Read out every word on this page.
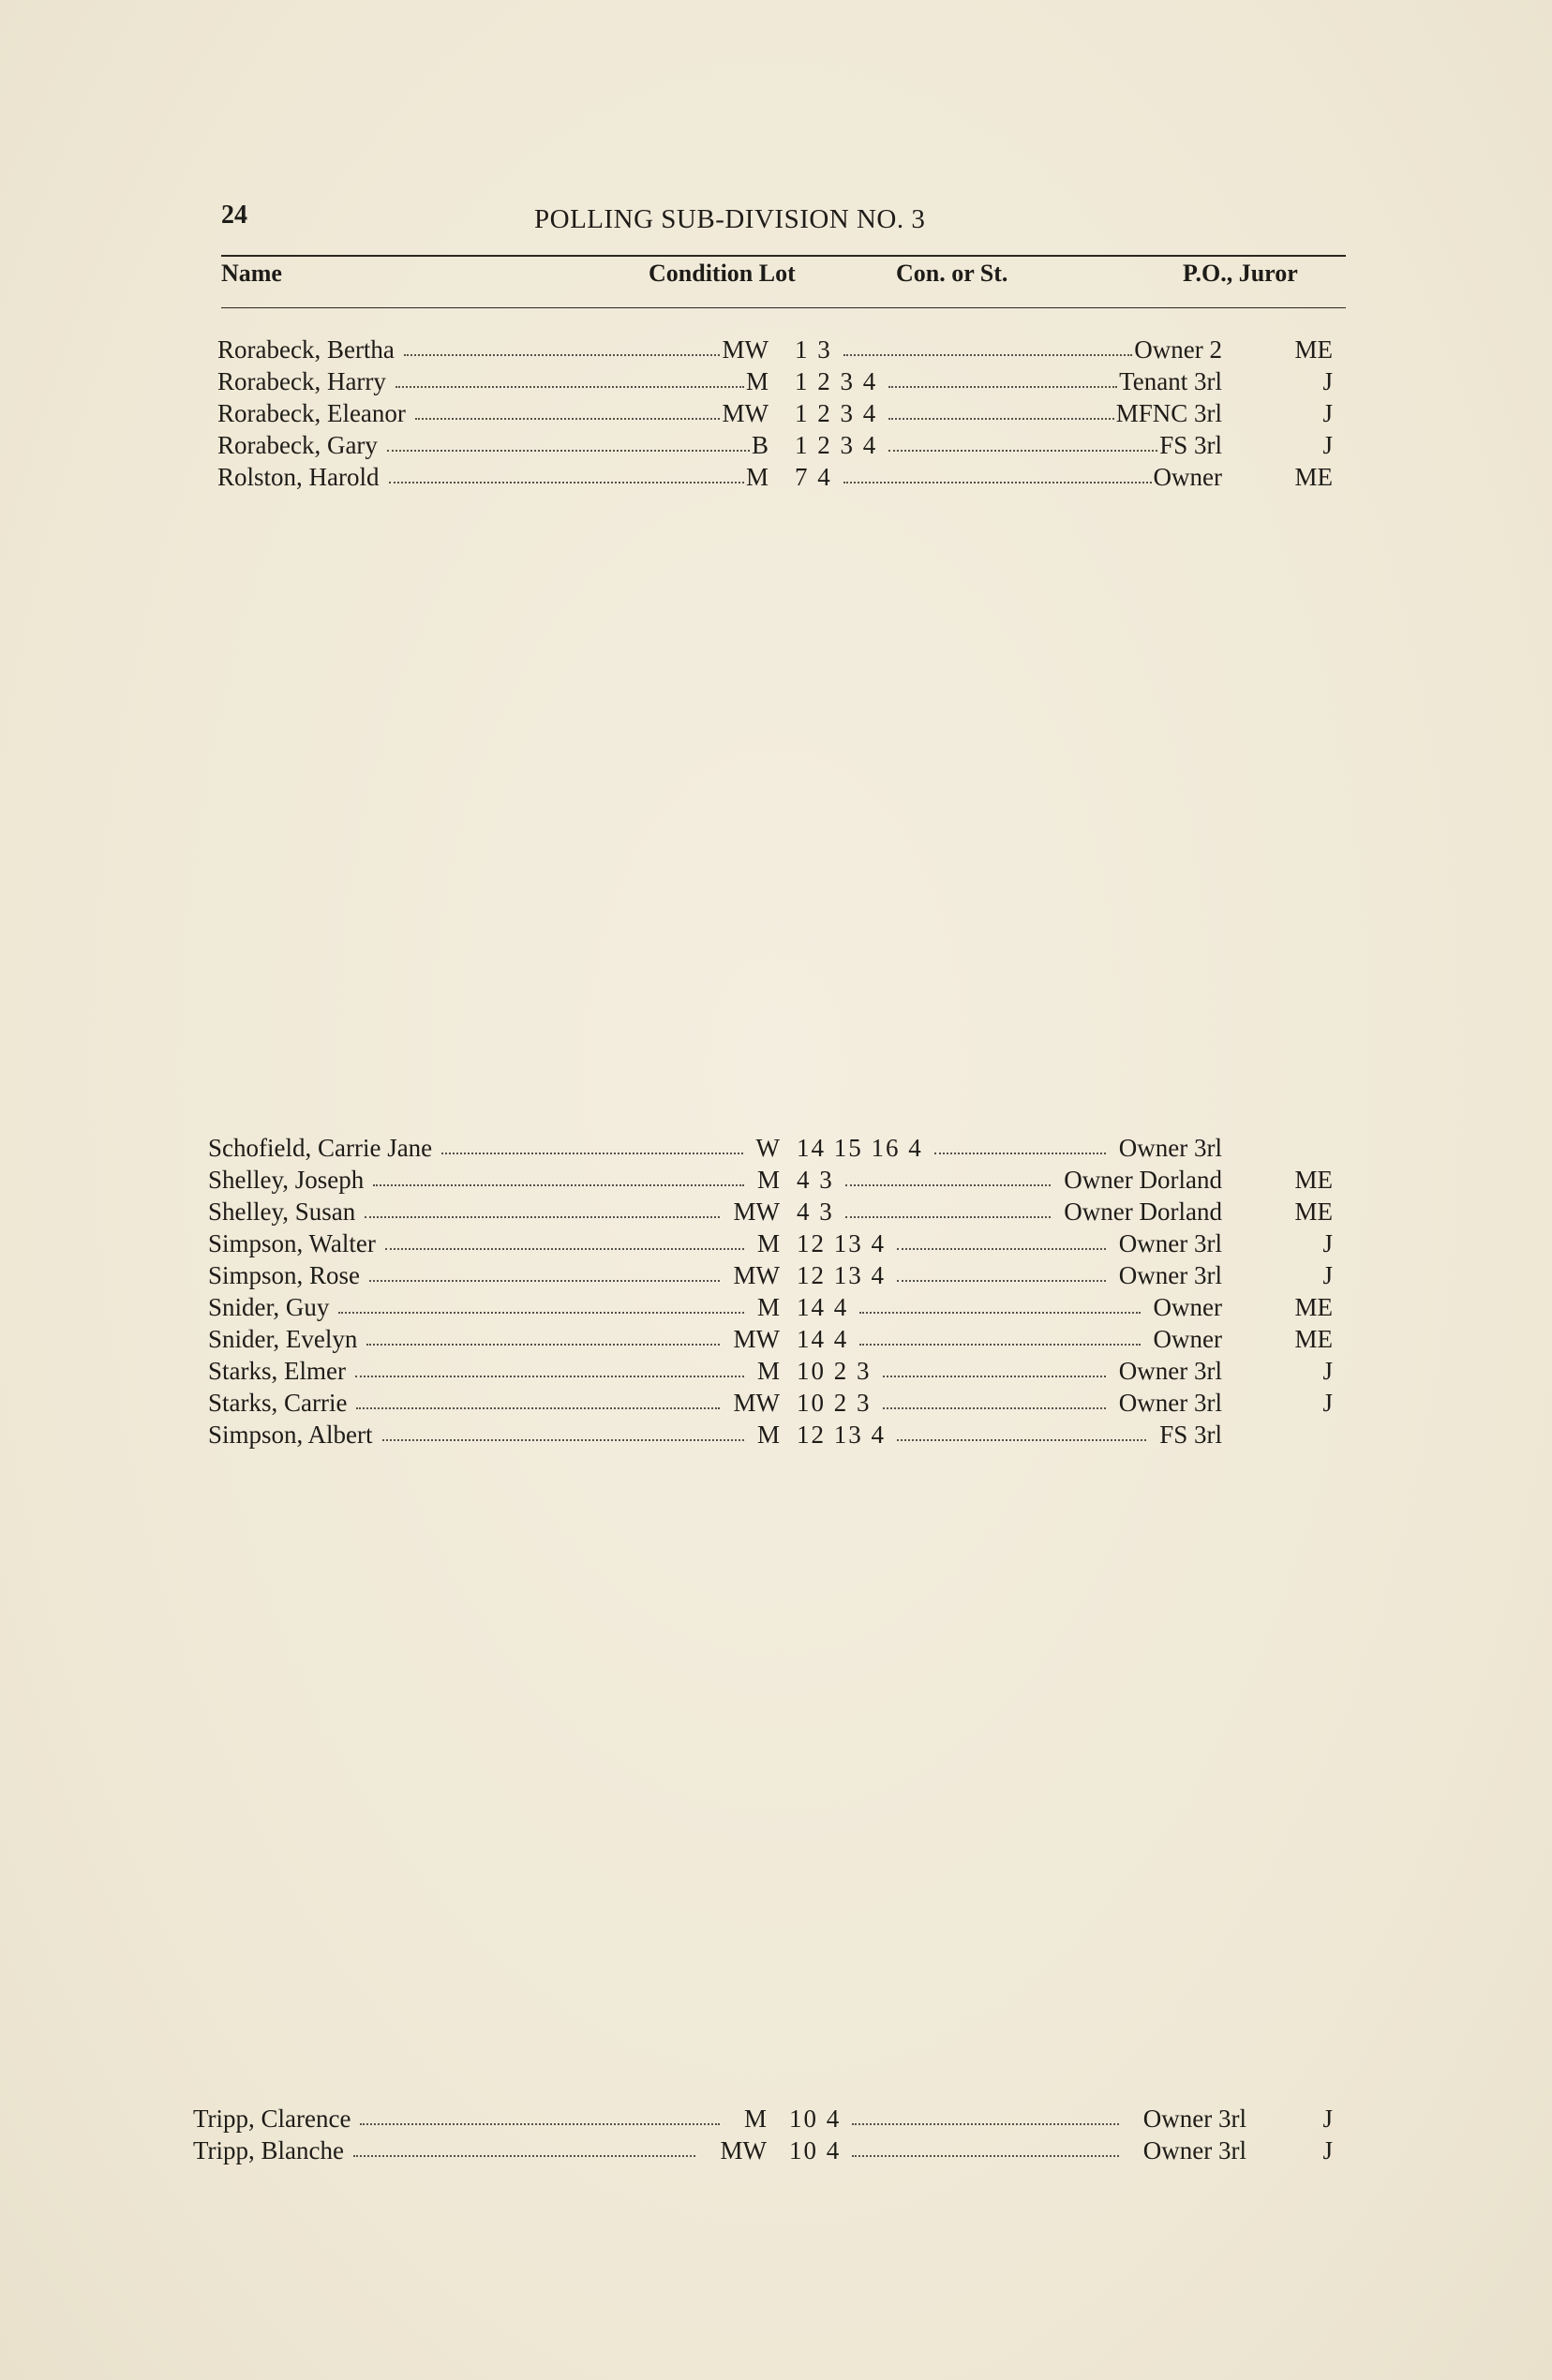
24	POLLING SUB-DIVISION NO. 3
Name	Condition Lot	Con. or St.	P.O., Juror
Rorabeck, Bertha	MW 1 3	Owner 2	ME
Rorabeck, Harry	M 1 2 3 4	Tenant 3rl	J
Rorabeck, Eleanor	MW 1 2 3 4	MFNC 3rl	J
Rorabeck, Gary	B 1 2 3 4	FS 3rl	J
Rolston, Harold	M 7 4	Owner	ME
Schofield, Carrie Jane	W 14 15 16 4	Owner 3rl
Shelley, Joseph	M 4 3	Owner Dorland	ME
Shelley, Susan	MW 4 3	Owner Dorland	ME
Simpson, Walter	M 12 13 4	Owner 3rl	J
Simpson, Rose	MW 12 13 4	Owner 3rl	J
Snider, Guy	M 14 4	Owner	ME
Snider, Evelyn	MW 14 4	Owner	ME
Starks, Elmer	M 10 2 3	Owner 3rl	J
Starks, Carrie	MW 10 2 3	Owner 3rl	J
Simpson, Albert	M 12 13 4	FS 3rl
Tripp, Clarence	M 10 4	Owner 3rl	J
Tripp, Blanche	MW 10 4	Owner 3rl	J
